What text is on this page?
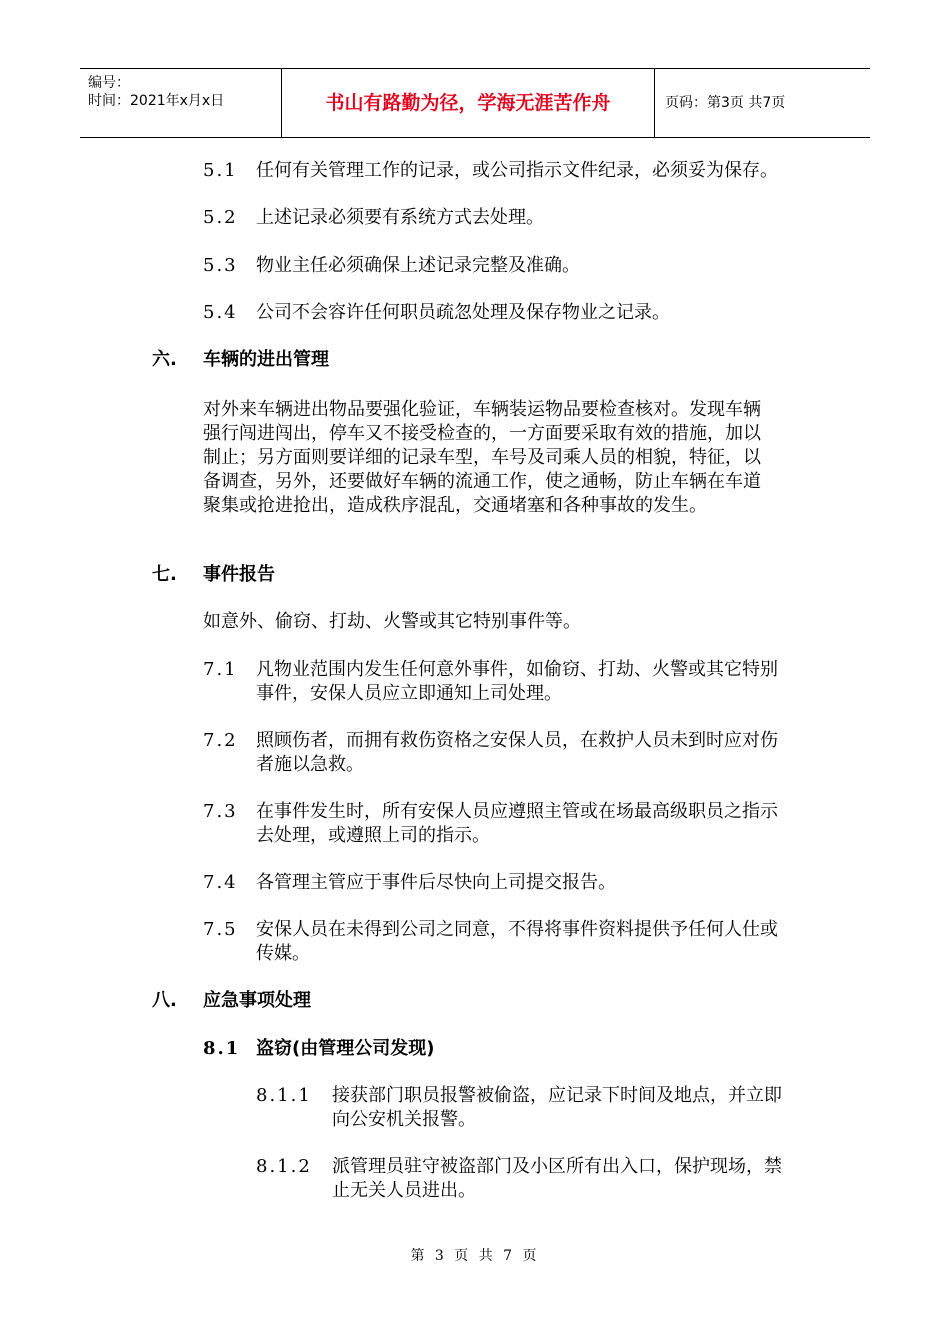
编号：
时间：2021年x月x日	书山有路勤为径，学海无涯苦作舟	页码：第3页 共7页
5.1 任何有关管理工作的记录，或公司指示文件纪录，必须妥为保存。
5.2 上述记录必须要有系统方式去处理。
5.3 物业主任必须确保上述记录完整及准确。
5.4 公司不会容许任何职员疏忽处理及保存物业之记录。
六. 车辆的进出管理
对外来车辆进出物品要强化验证，车辆装运物品要检查核对。发现车辆
强行闯进闯出，停车又不接受检查的，一方面要采取有效的措施，加以
制止；另方面则要详细的记录车型，车号及司乘人员的相貌，特征，以
备调查，另外，还要做好车辆的流通工作，使之通畅，防止车辆在车道
聚集或抢进抢出，造成秩序混乱，交通堵塞和各种事故的发生。
七. 事件报告
如意外、偷窃、打劫、火警或其它特别事件等。
7.1 凡物业范围内发生任何意外事件，如偷窃、打劫、火警或其它特别
事件，安保人员应立即通知上司处理。
7.2 照顾伤者，而拥有救伤资格之安保人员，在救护人员未到时应对伤
者施以急救。
7.3 在事件发生时，所有安保人员应遵照主管或在场最高级职员之指示
去处理，或遵照上司的指示。
7.4 各管理主管应于事件后尽快向上司提交报告。
7.5 安保人员在未得到公司之同意，不得将事件资料提供予任何人仕或
传媒。
八. 应急事项处理
8.1 盗窃(由管理公司发现)
8.1.1 接获部门职员报警被偷盗，应记录下时间及地点，并立即
向公安机关报警。
8.1.2 派管理员驻守被盗部门及小区所有出入口，保护现场，禁
止无关人员进出。
第 3 页 共 7 页
